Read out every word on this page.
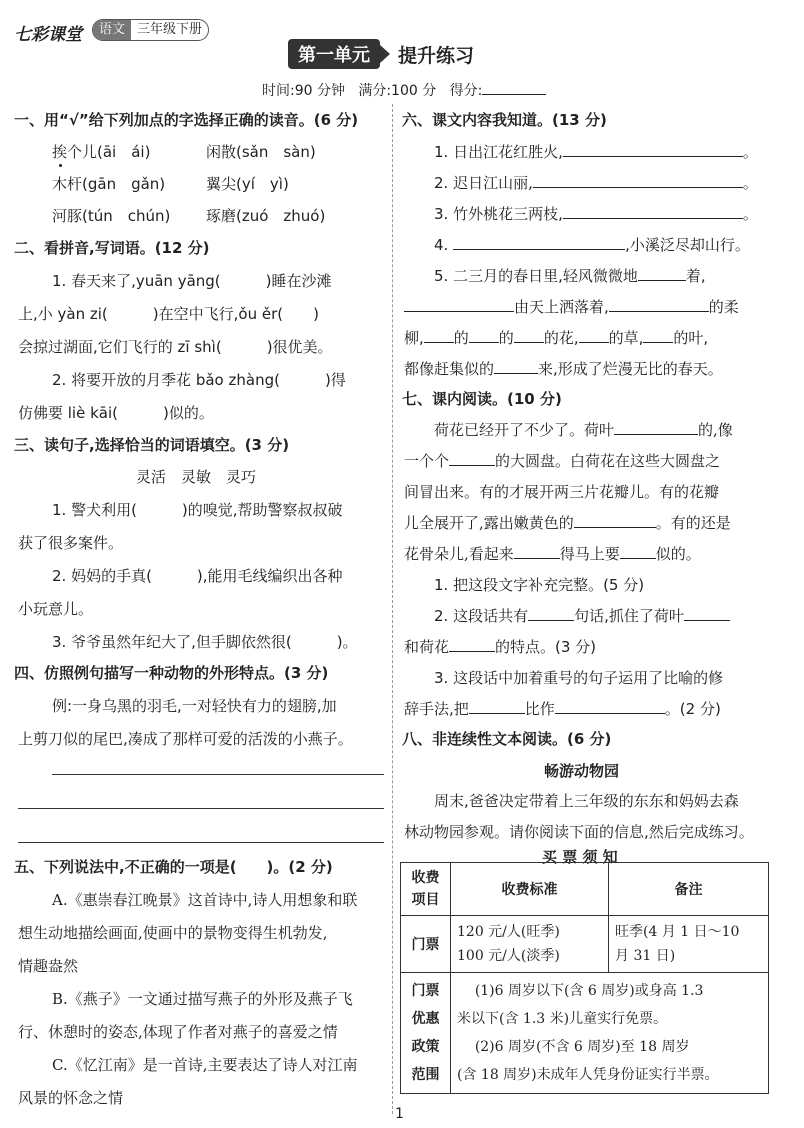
七彩课堂	语文 三年级下册
第一单元	提升练习
时间:90 分钟 满分:100 分 得分:
一、用“√”给下列加点的字选择正确的读音。(6 分)
挨个儿(āi　ái)	闲散(sǎn　sàn)
木杆(gān　gǎn)	翼尖(yí　yì)
河豚(tún　chún) 琢磨(zuó　zhuó)
二、看拼音,写词语。(12 分)
1. 春天来了,yuān yāng(　　　)睡在沙滩
上,小 yàn zi(　　　)在空中飞行,ǒu ěr(　　)
会掠过湖面,它们飞行的 zī shì(　　　)很优美。
2. 将要开放的月季花 bǎo zhàng(　　　)得
仿佛要 liè kāi(　　　)似的。
三、读句子,选择恰当的词语填空。(3 分)
灵活　灵敏　灵巧
1. 警犬利用(　　　)的嗅觉,帮助警察叔叔破
获了很多案件。
2. 妈妈的手真(　　　),能用毛线编织出各种
小玩意儿。
3. 爷爷虽然年纪大了,但手脚依然很(　　　)。
四、仿照例句描写一种动物的外形特点。(3 分)
例:一身乌黑的羽毛,一对轻快有力的翅膀,加
上剪刀似的尾巴,凑成了那样可爱的活泼的小燕子。
五、下列说法中,不正确的一项是(　　)。(2 分)
A.《惠崇春江晚景》这首诗中,诗人用想象和联
想生动地描绘画面,使画中的景物变得生机勃发,
情趣盎然
B.《燕子》一文通过描写燕子的外形及燕子飞
行、休憩时的姿态,体现了作者对燕子的喜爱之情
C.《忆江南》是一首诗,主要表达了诗人对江南
风景的怀念之情
六、课文内容我知道。(13 分)
1. 日出江花红胜火,	。
2. 迟日江山丽,	。
3. 竹外桃花三两枝,	。
4.	,小溪泛尽却山行。
5. 二三月的春日里,轻风微微地	着,
由天上洒落着,	的柔
柳, 的 的 的花, 的草, 的叶,
都像赶集似的	来,形成了烂漫无比的春天。
七、课内阅读。(10 分)
荷花已经开了不少了。荷叶	的,像
一个个	的大圆盘。白荷花在这些大圆盘之
间冒出来。有的才展开两三片花瓣儿。有的花瓣
儿全展开了,露出嫩黄色的	。有的还是
花骨朵儿,看起来	得马上要 似的。
1. 把这段文字补充完整。(5 分)
2. 这段话共有	句话,抓住了荷叶
和荷花	的特点。(3 分)
3. 这段话中加着重号的句子运用了比喻的修
辞手法,把	比作	。(2 分)
八、非连续性文本阅读。(6 分)
畅游动物园
周末,爸爸决定带着上三年级的东东和妈妈去森
林动物园参观。请你阅读下面的信息,然后完成练习。
买 票 须 知
收费
项目	收费标准	备注
门票	120 元/人(旺季)
100 元/人(淡季)	旺季(4 月 1 日～10
月 31 日)
门票
优惠
政策
范围	(1)6 周岁以下(含 6 周岁)或身高 1.3
米以下(含 1.3 米)儿童实行免票。
(2)6 周岁(不含 6 周岁)至 18 周岁
(含 18 周岁)未成年人凭身份证实行半票。	
1
